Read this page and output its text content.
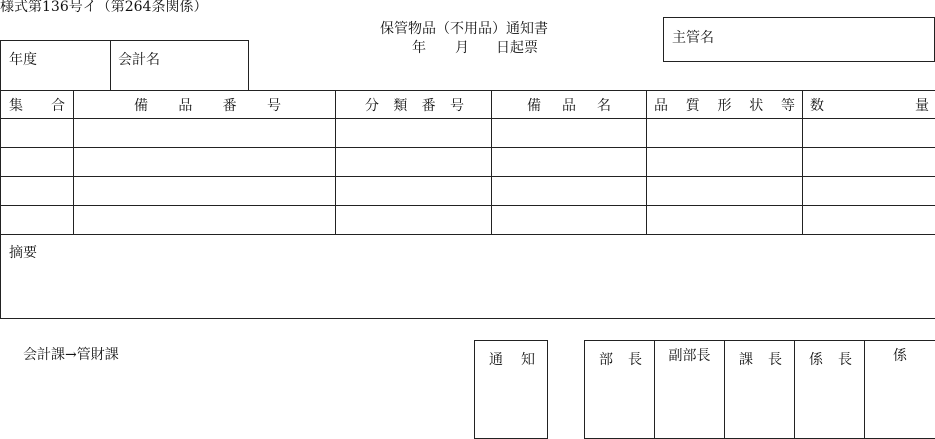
様式第136号イ（第264条関係）
保管物品（不用品）通知書
年 月 日起票
年度	会計名
主管名
集 合	備 品 番 号	分 類 番 号	備 品 名	品 質 形 状 等	数 量

摘要					
会計課→管財課	通 知	部 長	副部長	課 長	係 長	係
